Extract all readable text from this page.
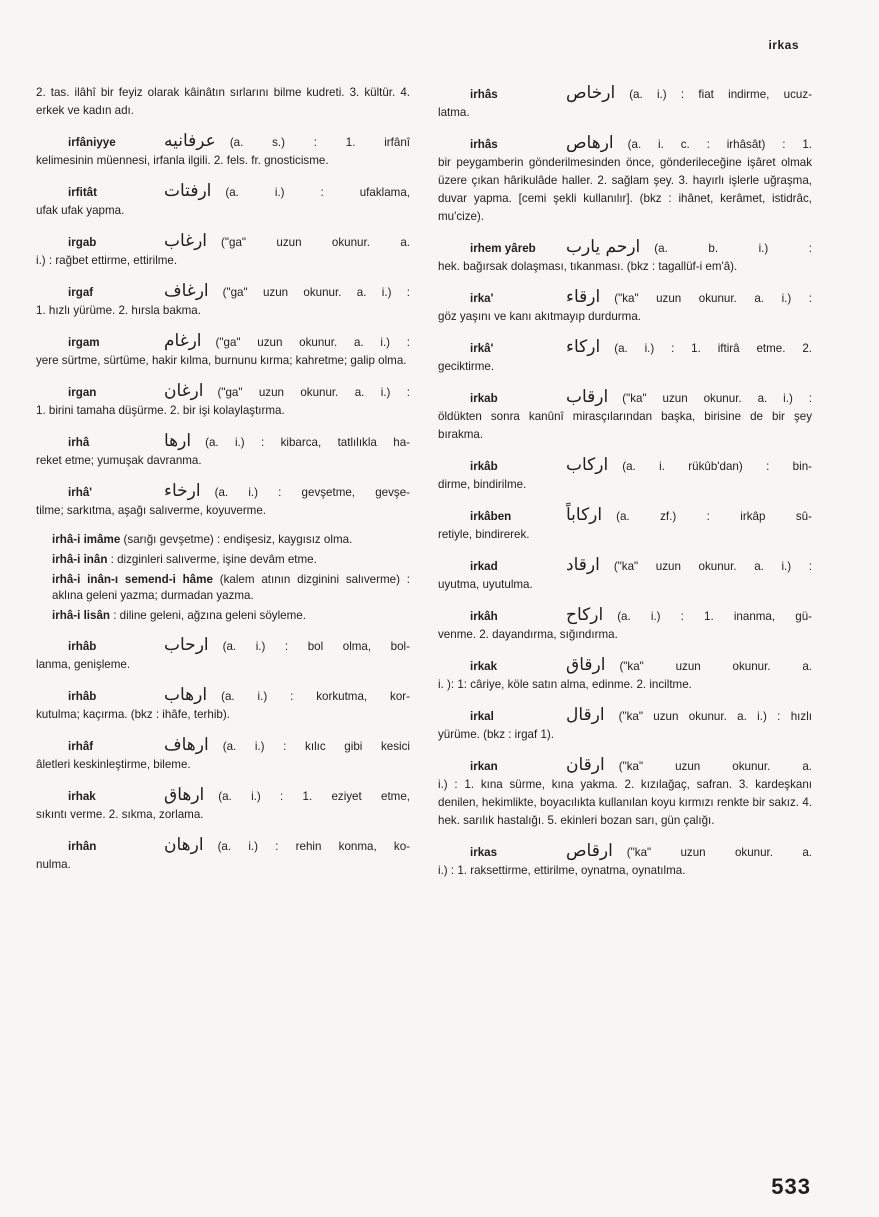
irkas
2. tas. ilâhî bir feyiz olarak kâinâtın sırlarını bilme kudreti. 3. kültür. 4. erkek ve kadın adı.
irfâniyye	عرفانيه (a. s.) : 1. irfânî
kelimesinin müennesi, irfanla ilgili. 2. fels. fr. gnosticisme.
irfitât	ارفتات (a. i.) : ufaklama,
ufak ufak yapma.
irgab	ارغاب ("ga" uzun okunur. a.
i.) : rağbet ettirme, ettirilme.
irgaf	ارغاف ("ga" uzun okunur. a. i.) :
1. hızlı yürüme. 2. hırsla bakma.
irgam	ارغام ("ga" uzun okunur. a. i.) :
yere sürtme, sürtüme, hakir kılma, burnunu kırma; kahretme; galip olma.
irgan	ارغان ("ga" uzun okunur. a. i.) :
1. birini tamaha düşürme. 2. bir işi kolaylaştırma.
irhâ	ارها (a. i.) : kibarca, tatlılıkla ha-
reket etme; yumuşak davranma.
irhâ'	ارخاء (a. i.) : gevşetme, gevşe-
tilme; sarkıtma, aşağı salıverme, koyuverme.
irhâ-i imâme (sarığı gevşetme) : endişesiz, kaygısız olma.
irhâ-i inân : dizginleri salıverme, işine devâm etme.
irhâ-i inân-ı semend-i hâme (kalem atının dizginini salıverme) : aklına geleni yazma; durmadan yazma.
irhâ-i lisân : diline geleni, ağzına geleni söyleme.
irhâb	ارحاب (a. i.) : bol olma, bol-
lanma, genişleme.
irhâb	ارهاب (a. i.) : korkutma, kor-
kutulma; kaçırma. (bkz : ihâfe, terhib).
irhâf	ارهاف (a. i.) : kılıc gibi kesici
âletleri keskinleştirme, bileme.
irhak	ارهاق (a. i.) : 1. eziyet etme,
sıkıntı verme. 2. sıkma, zorlama.
irhân	ارهان (a. i.) : rehin konma, ko-
nulma.
irhâs	ارخاص (a. i.) : fiat indirme, ucuz-
latma.
irhâs	ارهاص (a. i. c. : irhâsât) : 1.
bir peygamberin gönderilmesinden önce, gönderileceğine işâret olmak üzere çıkan hârikulâde haller. 2. sağlam şey. 3. hayırlı işlerle uğraşma, duvar yapma. [cemi şekli kullanılır]. (bkz : ihânet, kerâmet, istidrâc, mu'cize).
irhem yâreb	ارحم يارب (a. b. i.) :
hek. bağırsak dolaşması, tıkanması. (bkz : tagallüf-i em'â).
irka'	ارقاء ("ka" uzun okunur. a. i.) :
göz yaşını ve kanı akıtmayıp durdurma.
irkâ'	اركاء (a. i.) : 1. iftirâ etme. 2.
geciktirme.
irkab	ارقاب ("ka" uzun okunur. a. i.) :
öldükten sonra kanûnî mirasçılarından başka, birisine de bir şey bırakma.
irkâb	اركاب (a. i. rükûb'dan) : bin-
dirme, bindirilme.
irkâben	اركاباً (a. zf.) : irkâp sû-
retiyle, bindirerek.
irkad	ارقاد ("ka" uzun okunur. a. i.) :
uyutma, uyutulma.
irkâh	اركاح (a. i.) : 1. inanma, gü-
venme. 2. dayandırma, sığındırma.
irkak	ارقاق ("ka" uzun okunur. a.
i. ): 1: câriye, köle satın alma, edinme. 2. inciltme.
irkal	ارقال ("ka" uzun okunur. a. i.) : hızlı
yürüme. (bkz : irgaf 1).
irkan	ارقان ("ka" uzun okunur. a.
i.) : 1. kına sürme, kına yakma. 2. kızılağaç, safran. 3. kardeşkanı denilen, hekimlikte, boyacılıkta kullanılan koyu kırmızı renkte bir sakız. 4. hek. sarılık hastalığı. 5. ekinleri bozan sarı, gün çalığı.
irkas	ارقاص ("ka" uzun okunur. a.
i.) : 1. raksettirme, ettirilme, oynatma, oynatılma.
533
